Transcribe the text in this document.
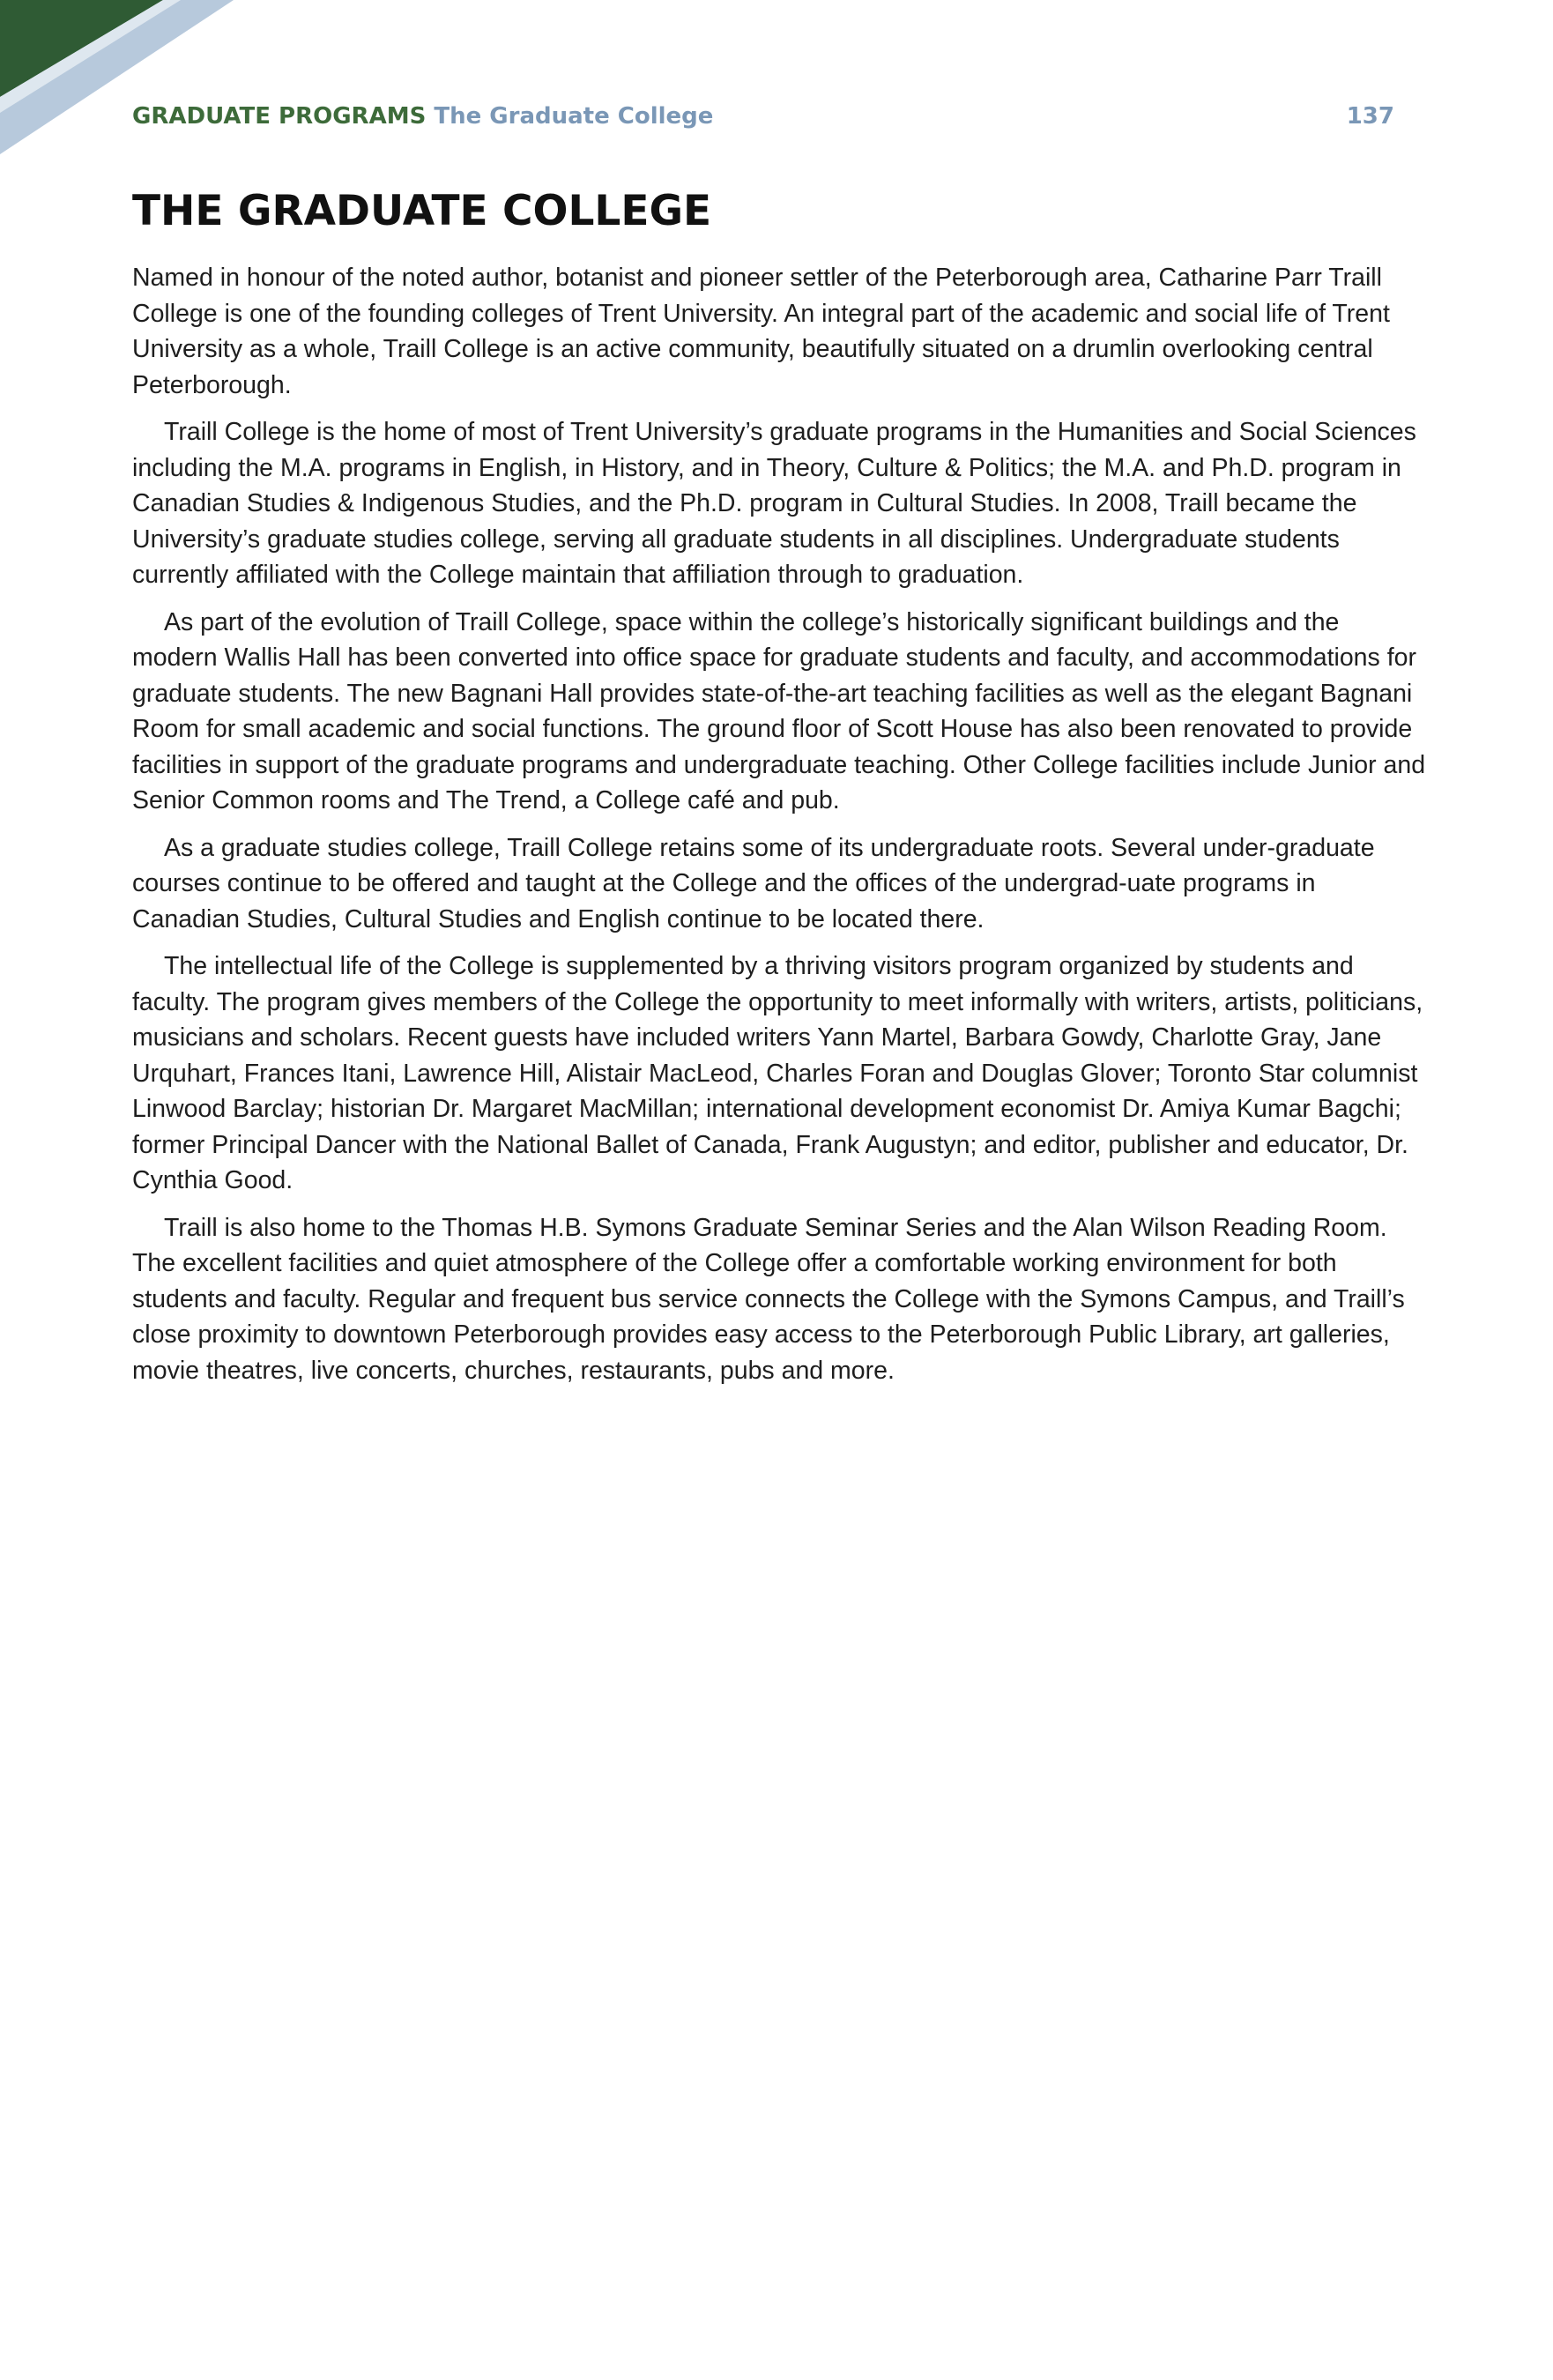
GRADUATE PROGRAMS The Graduate College	137
THE GRADUATE COLLEGE

Named in honour of the noted author, botanist and pioneer settler of the Peterborough area, Catharine Parr Traill College is one of the founding colleges of Trent University. An integral part of the academic and social life of Trent University as a whole, Traill College is an active community, beautifully situated on a drumlin overlooking central Peterborough.

Traill College is the home of most of Trent University’s graduate programs in the Humanities and Social Sciences including the M.A. programs in English, in History, and in Theory, Culture & Politics; the M.A. and Ph.D. program in Canadian Studies & Indigenous Studies, and the Ph.D. program in Cultural Studies. In 2008, Traill became the University’s graduate studies college, serving all graduate students in all disciplines. Undergraduate students currently affiliated with the College maintain that affiliation through to graduation.

As part of the evolution of Traill College, space within the college’s historically significant buildings and the modern Wallis Hall has been converted into office space for graduate students and faculty, and accommodations for graduate students. The new Bagnani Hall provides state-of-the-art teaching facilities as well as the elegant Bagnani Room for small academic and social functions. The ground floor of Scott House has also been renovated to provide facilities in support of the graduate programs and undergraduate teaching. Other College facilities include Junior and Senior Common rooms and The Trend, a College café and pub.

As a graduate studies college, Traill College retains some of its undergraduate roots. Several under-graduate courses continue to be offered and taught at the College and the offices of the undergrad-uate programs in Canadian Studies, Cultural Studies and English continue to be located there.

The intellectual life of the College is supplemented by a thriving visitors program organized by students and faculty. The program gives members of the College the opportunity to meet informally with writers, artists, politicians, musicians and scholars. Recent guests have included writers Yann Martel, Barbara Gowdy, Charlotte Gray, Jane Urquhart, Frances Itani, Lawrence Hill, Alistair MacLeod, Charles Foran and Douglas Glover; Toronto Star columnist Linwood Barclay; historian Dr. Margaret MacMillan; international development economist Dr. Amiya Kumar Bagchi; former Principal Dancer with the National Ballet of Canada, Frank Augustyn; and editor, publisher and educator, Dr. Cynthia Good.

Traill is also home to the Thomas H.B. Symons Graduate Seminar Series and the Alan Wilson Reading Room. The excellent facilities and quiet atmosphere of the College offer a comfortable working environment for both students and faculty. Regular and frequent bus service connects the College with the Symons Campus, and Traill’s close proximity to downtown Peterborough provides easy access to the Peterborough Public Library, art galleries, movie theatres, live concerts, churches, restaurants, pubs and more.
